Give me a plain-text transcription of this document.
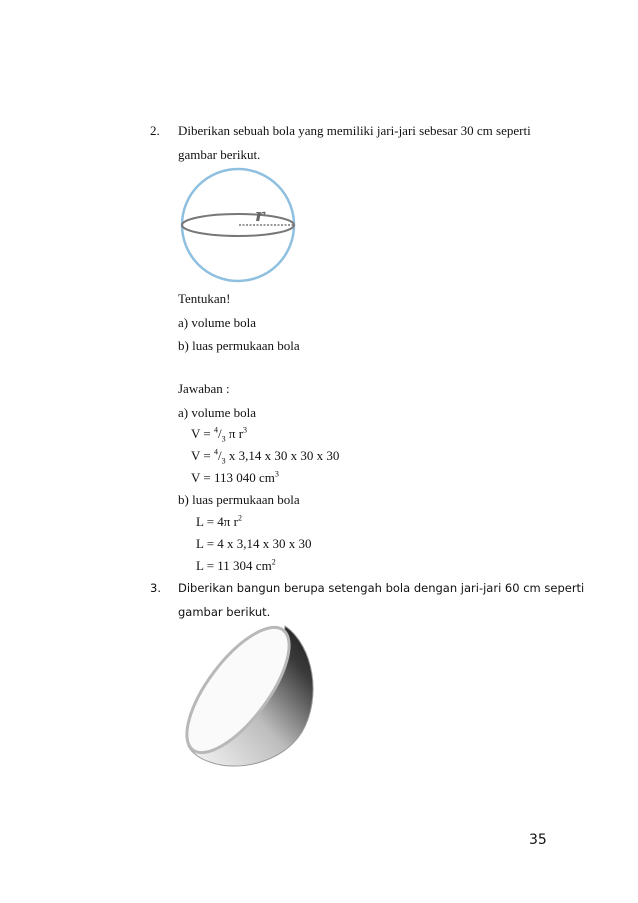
2. Diberikan sebuah bola yang memiliki jari-jari sebesar 30 cm seperti
gambar berikut.
r
Tentukan!
a) volume bola
b) luas permukaan bola
Jawaban :
a) volume bola
$V = ^4/_3$ π $r^3$
$V = ^4/_3$ x 3,14 x 30 x 30 x 30
V = 113 040 $cm^3$
b) luas permukaan bola
L = 4π $r^2$
L = 4 x 3,14 x 30 x 30
L = 11 304 $cm^2$
3. Diberikan bangun berupa setengah bola dengan jari-jari 60 cm seperti
gambar berikut.
35
